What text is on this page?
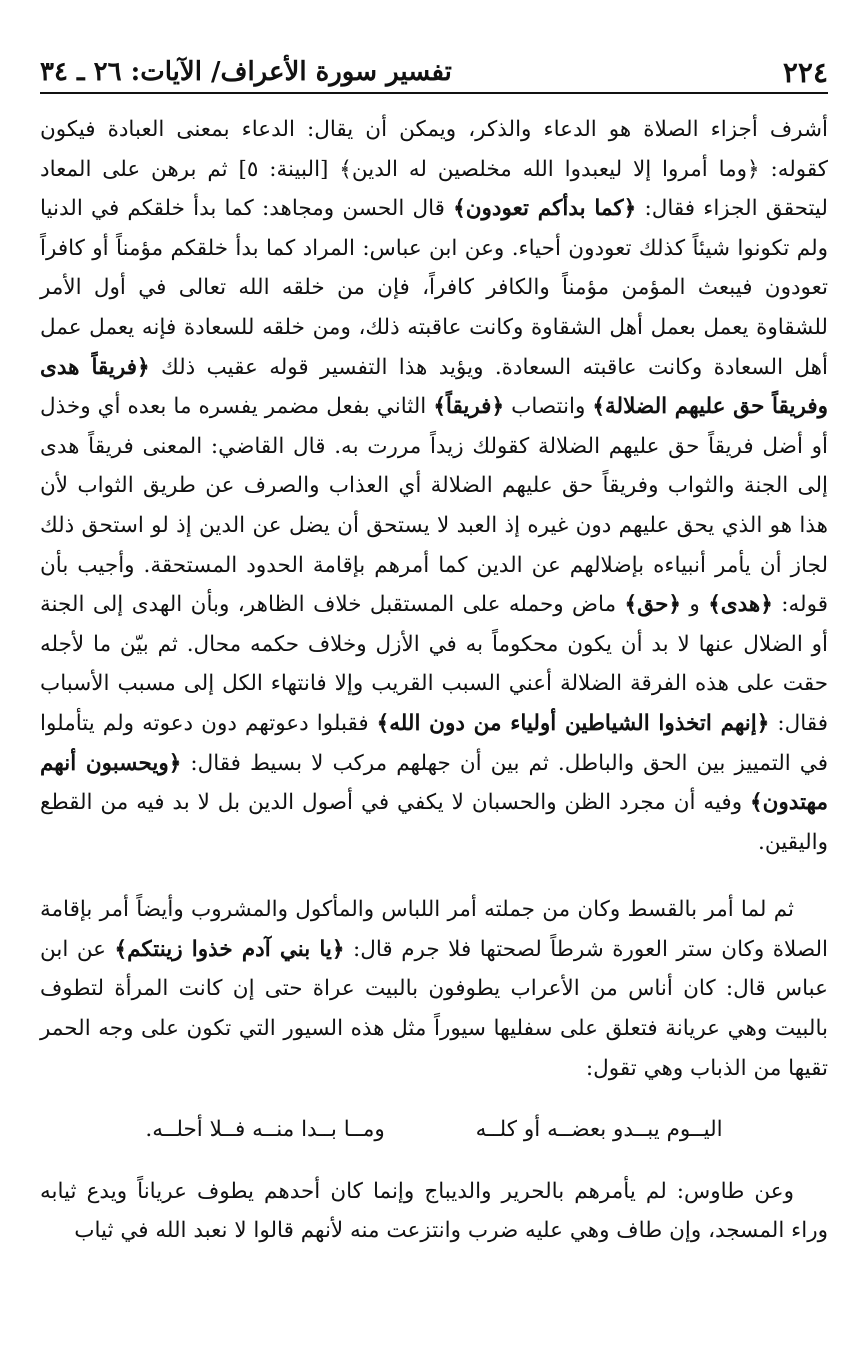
٢٢٤
تفسير سورة الأعراف/ الآيات: ٢٦ ـ ٣٤
أشرف أجزاء الصلاة هو الدعاء والذكر، ويمكن أن يقال: الدعاء بمعنى العبادة فيكون كقوله: ﴿وما أمروا إلا ليعبدوا الله مخلصين له الدين﴾ [البينة: ٥] ثم برهن على المعاد ليتحقق الجزاء فقال: ﴿كما بدأكم تعودون﴾ قال الحسن ومجاهد: كما بدأ خلقكم في الدنيا ولم تكونوا شيئاً كذلك تعودون أحياء. وعن ابن عباس: المراد كما بدأ خلقكم مؤمناً أو كافراً تعودون فيبعث المؤمن مؤمناً والكافر كافراً، فإن من خلقه الله تعالى في أول الأمر للشقاوة يعمل بعمل أهل الشقاوة وكانت عاقبته ذلك، ومن خلقه للسعادة فإنه يعمل عمل أهل السعادة وكانت عاقبته السعادة. ويؤيد هذا التفسير قوله عقيب ذلك ﴿فريقاً هدى وفريقاً حق عليهم الضلالة﴾ وانتصاب ﴿فريقاً﴾ الثاني بفعل مضمر يفسره ما بعده أي وخذل أو أضل فريقاً حق عليهم الضلالة كقولك زيداً مررت به. قال القاضي: المعنى فريقاً هدى إلى الجنة والثواب وفريقاً حق عليهم الضلالة أي العذاب والصرف عن طريق الثواب لأن هذا هو الذي يحق عليهم دون غيره إذ العبد لا يستحق أن يضل عن الدين إذ لو استحق ذلك لجاز أن يأمر أنبياءه بإضلالهم عن الدين كما أمرهم بإقامة الحدود المستحقة. وأجيب بأن قوله: ﴿هدى﴾ و ﴿حق﴾ ماض وحمله على المستقبل خلاف الظاهر، وبأن الهدى إلى الجنة أو الضلال عنها لا بد أن يكون محكوماً به في الأزل وخلاف حكمه محال. ثم بيّن ما لأجله حقت على هذه الفرقة الضلالة أعني السبب القريب وإلا فانتهاء الكل إلى مسبب الأسباب فقال: ﴿إنهم اتخذوا الشياطين أولياء من دون الله﴾ فقبلوا دعوتهم دون دعوته ولم يتأملوا في التمييز بين الحق والباطل. ثم بين أن جهلهم مركب لا بسيط فقال: ﴿ويحسبون أنهم مهتدون﴾ وفيه أن مجرد الظن والحسبان لا يكفي في أصول الدين بل لا بد فيه من القطع واليقين.
ثم لما أمر بالقسط وكان من جملته أمر اللباس والمأكول والمشروب وأيضاً أمر بإقامة الصلاة وكان ستر العورة شرطاً لصحتها فلا جرم قال: ﴿يا بني آدم خذوا زينتكم﴾ عن ابن عباس قال: كان أناس من الأعراب يطوفون بالبيت عراة حتى إن كانت المرأة لتطوف بالبيت وهي عريانة فتعلق على سفليها سيوراً مثل هذه السيور التي تكون على وجه الحمر تقيها من الذباب وهي تقول:
اليــوم يبــدو بعضــه أو كلــه
ومــا بــدا منــه فــلا أحلــه.
وعن طاوس: لم يأمرهم بالحرير والديباج وإنما كان أحدهم يطوف عرياناً ويدع ثيابه وراء المسجد، وإن طاف وهي عليه ضرب وانتزعت منه لأنهم قالوا لا نعبد الله في ثياب
